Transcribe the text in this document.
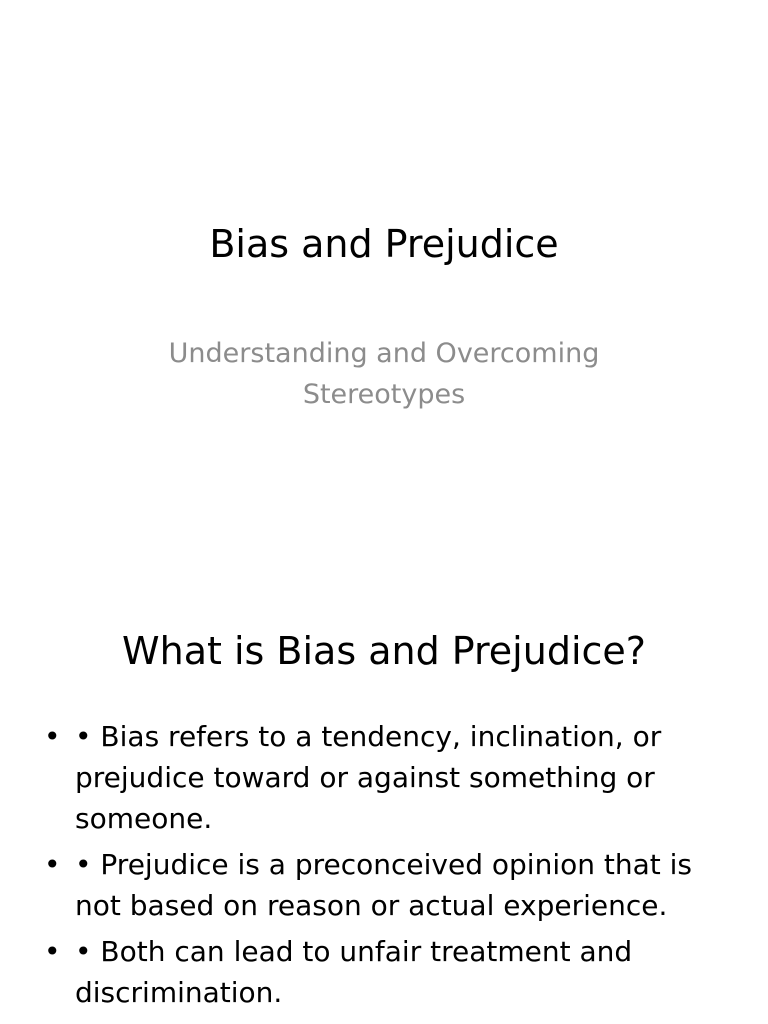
Bias and Prejudice

Understanding and Overcoming Stereotypes

What is Bias and Prejudice?
• • Bias refers to a tendency, inclination, or prejudice toward or against something or someone.
• • Prejudice is a preconceived opinion that is not based on reason or actual experience.
• • Both can lead to unfair treatment and discrimination.
